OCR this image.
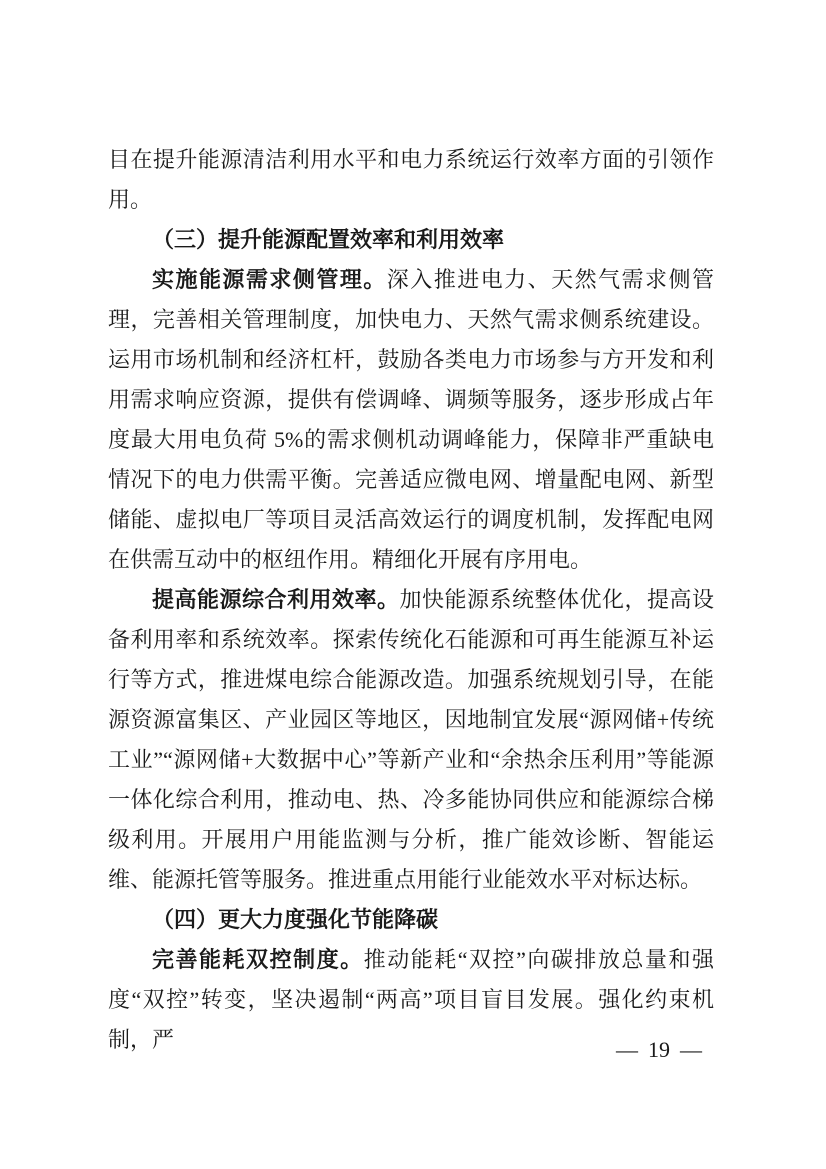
目在提升能源清洁利用水平和电力系统运行效率方面的引领作用。

（三）提升能源配置效率和利用效率

实施能源需求侧管理。深入推进电力、天然气需求侧管理，完善相关管理制度，加快电力、天然气需求侧系统建设。运用市场机制和经济杠杆，鼓励各类电力市场参与方开发和利用需求响应资源，提供有偿调峰、调频等服务，逐步形成占年度最大用电负荷 5%的需求侧机动调峰能力，保障非严重缺电情况下的电力供需平衡。完善适应微电网、增量配电网、新型储能、虚拟电厂等项目灵活高效运行的调度机制，发挥配电网在供需互动中的枢纽作用。精细化开展有序用电。

提高能源综合利用效率。加快能源系统整体优化，提高设备利用率和系统效率。探索传统化石能源和可再生能源互补运行等方式，推进煤电综合能源改造。加强系统规划引导，在能源资源富集区、产业园区等地区，因地制宜发展“源网储+传统工业”“源网储+大数据中心”等新产业和“余热余压利用”等能源一体化综合利用，推动电、热、冷多能协同供应和能源综合梯级利用。开展用户用能监测与分析，推广能效诊断、智能运维、能源托管等服务。推进重点用能行业能效水平对标达标。

（四）更大力度强化节能降碳

完善能耗双控制度。推动能耗“双控”向碳排放总量和强度“双控”转变，坚决遏制“两高”项目盲目发展。强化约束机制，严	— 19 —
